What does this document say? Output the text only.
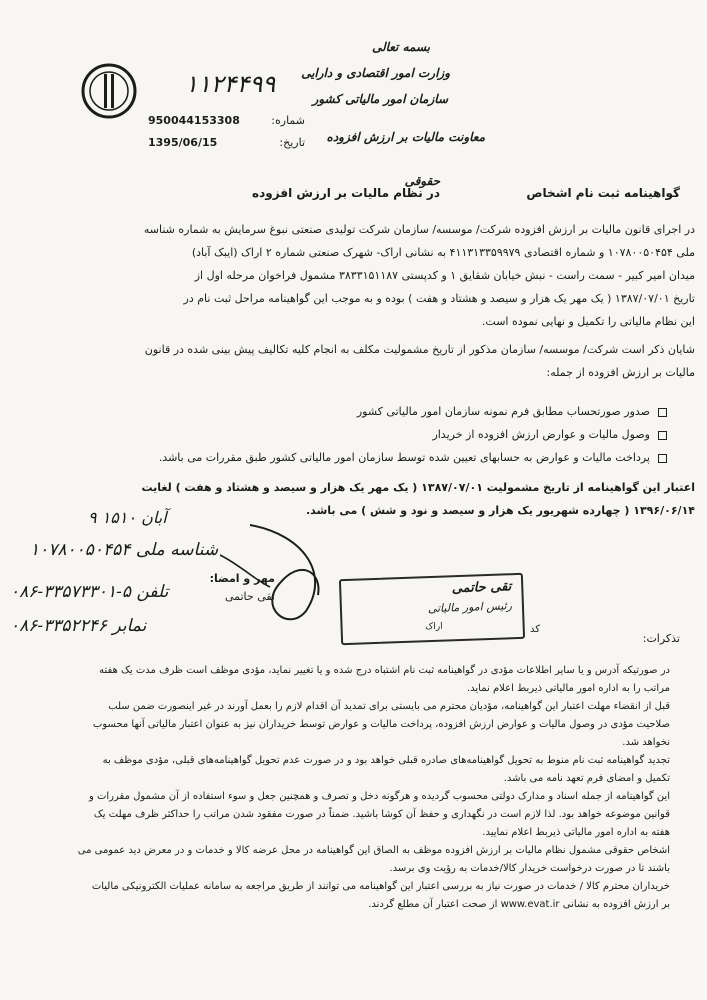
بسمه تعالی
وزارت امور اقتصادی و دارایی
سازمان امور مالیاتی کشور
۱۱۲۴۴۹۹
950044153308	شماره:
1395/06/15	تاریخ:	معاونت مالیات بر ارزش افزوده
گواهینامه ثبت نام اشخاص
حقوقی
در نظام مالیات بر ارزش افزوده
در اجرای قانون مالیات بر ارزش افزوده شرکت/ موسسه/ سازمان شرکت تولیدی صنعتی نبوغ سرمایش به شماره شناسه
ملی ۱۰۷۸۰۰۵۰۴۵۴ و شماره اقتصادی ۴۱۱۳۱۳۳۵۹۹۷۹ به نشانی اراک- شهرک صنعتی شماره ۲ اراک (ایبک آباد)
میدان امیر کبیر - سمت راست - نبش خیابان شقایق ۱ و کدپستی ۳۸۳۳۱۵۱۱۸۷ مشمول فراخوان مرحله اول از
تاریخ ۱۳۸۷/۰۷/۰۱ ( یک مهر یک هزار و سیصد و هشتاد و هفت ) بوده و به موجب این گواهینامه مراحل ثبت نام در
این نظام مالیاتی را تکمیل و نهایی نموده است.
شایان ذکر است شرکت/ موسسه/ سازمان مذکور از تاریخ مشمولیت مکلف به انجام کلیه تکالیف پیش بینی شده در قانون
مالیات بر ارزش افزوده از جمله:
صدور صورتحساب مطابق فرم نمونه سازمان امور مالیاتی کشور
وصول مالیات و عوارض ارزش افزوده از خریدار
پرداخت مالیات و عوارض به حسابهای تعیین شده توسط سازمان امور مالیاتی کشور طبق مقررات می باشد.
اعتبار این گواهینامه از تاریخ مشمولیت ۱۳۸۷/۰۷/۰۱ ( یک مهر یک هزار و سیصد و هشتاد و هفت ) لغایت
۱۳۹۶/۰۶/۱۴ ( چهارده شهریور یک هزار و سیصد و نود و شش ) می باشد.
۹ آبان ۱۵۱۰
۱۰۷۸۰۰۵۰۴۵۴ شناسه ملی
۰۸۶-۳۳۵۷۳۳۰۱-۵ تلفن
۰۸۶-۳۳۵۲۲۴۶ نمابر
مهر و امضا:
تقی حاتمی
تقی حاتمی
رئیس امور مالیاتی
اراک	کد
تذکرات:
در صورتیکه آدرس و یا سایر اطلاعات مؤدی در گواهینامه ثبت نام اشتباه درج شده و یا تغییر نماید، مؤدی موظف است ظرف مدت یک هفته
مراتب را به اداره امور مالیاتی ذیربط اعلام نماید.
قبل از انقضاء مهلت اعتبار این گواهینامه، مؤدیان محترم می بایستی برای تمدید آن اقدام لازم را بعمل آورند در غیر اینصورت ضمن سلب
صلاحیت مؤدی در وصول مالیات و عوارض ارزش افزوده، پرداخت مالیات و عوارض توسط خریداران نیز به عنوان اعتبار مالیاتی آنها محسوب
نخواهد شد.
تجدید گواهینامه ثبت نام منوط به تحویل گواهینامه‌های صادره قبلی خواهد بود و در صورت عدم تحویل گواهینامه‌های قبلی، مؤدی موظف به
تکمیل و امضای فرم تعهد نامه می باشد.
این گواهینامه از جمله اسناد و مدارک دولتی محسوب گردیده و هرگونه دخل و تصرف و همچنین جعل و سوء استفاده از آن مشمول مقررات و
قوانین موضوعه خواهد بود. لذا لازم است در نگهداری و حفظ آن کوشا باشید. ضمناً در صورت مفقود شدن مراتب را حداکثر ظرف مهلت یک
هفته به اداره امور مالیاتی ذیربط اعلام نمایید.
اشخاص حقوقی مشمول نظام مالیات بر ارزش افزوده موظف به الصاق این گواهینامه در محل عرضه کالا و خدمات و در معرض دید عمومی می
باشند تا در صورت درخواست خریدار کالا/خدمات به رؤیت وی برسد.
خریداران محترم کالا / خدمات در صورت نیاز به بررسی اعتبار این گواهینامه می توانند از طریق مراجعه به سامانه عملیات الکترونیکی مالیات
بر ارزش افزوده به نشانی www.evat.ir از صحت اعتبار آن مطلع گردند.
